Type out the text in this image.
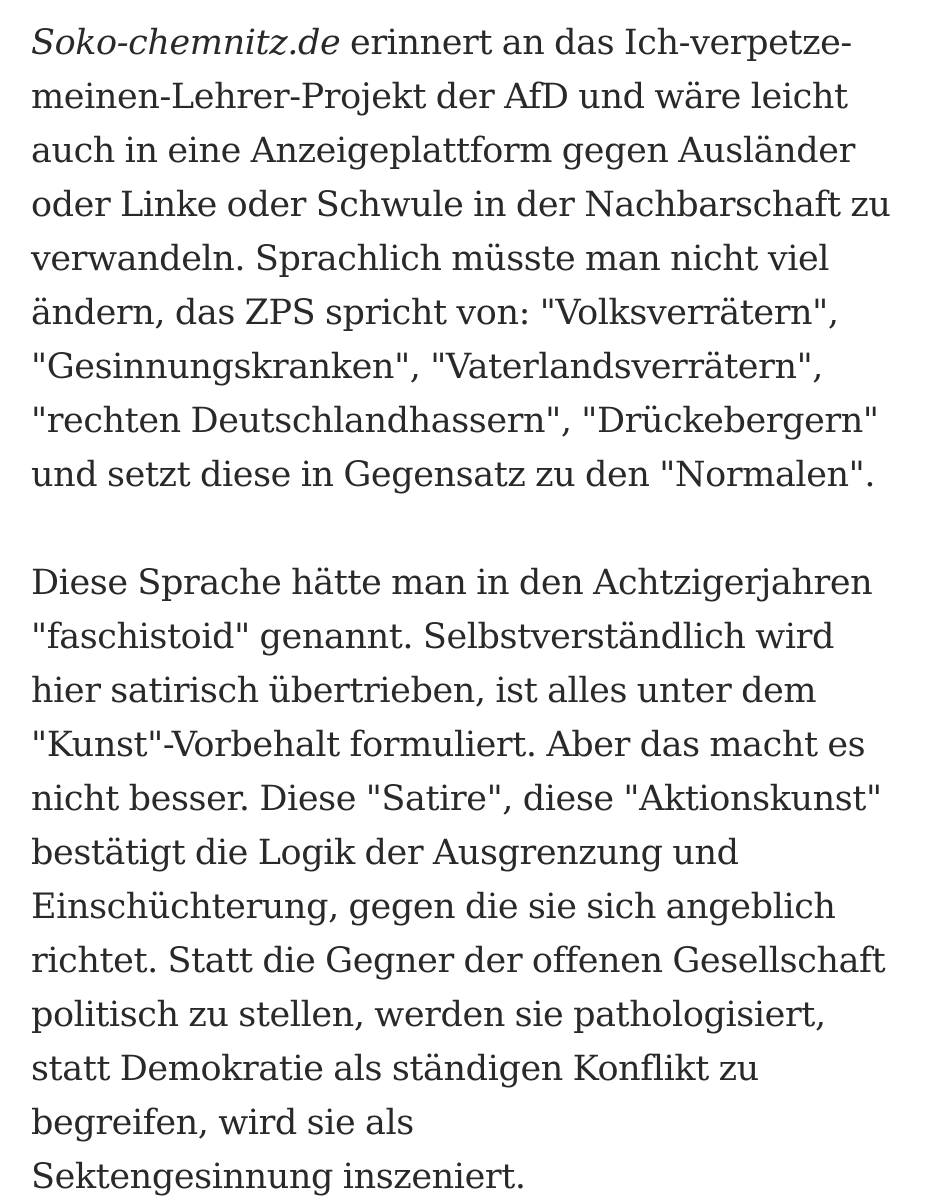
Soko-chemnitz.de erinnert an das Ich-verpetze-
meinen-Lehrer-Projekt der AfD und wäre leicht
auch in eine Anzeigeplattform gegen Ausländer
oder Linke oder Schwule in der Nachbarschaft zu
verwandeln. Sprachlich müsste man nicht viel
ändern, das ZPS spricht von: "Volksverrätern",
"Gesinnungskranken", "Vaterlandsverrätern",
"rechten Deutschlandhassern", "Drückebergern"
und setzt diese in Gegensatz zu den "Normalen".

Diese Sprache hätte man in den Achtzigerjahren
"faschistoid" genannt. Selbstverständlich wird
hier satirisch übertrieben, ist alles unter dem
"Kunst"-Vorbehalt formuliert. Aber das macht es
nicht besser. Diese "Satire", diese "Aktionskunst"
bestätigt die Logik der Ausgrenzung und
Einschüchterung, gegen die sie sich angeblich
richtet. Statt die Gegner der offenen Gesellschaft
politisch zu stellen, werden sie pathologisiert,
statt Demokratie als ständigen Konflikt zu
begreifen, wird sie als
Sektengesinnung inszeniert.
